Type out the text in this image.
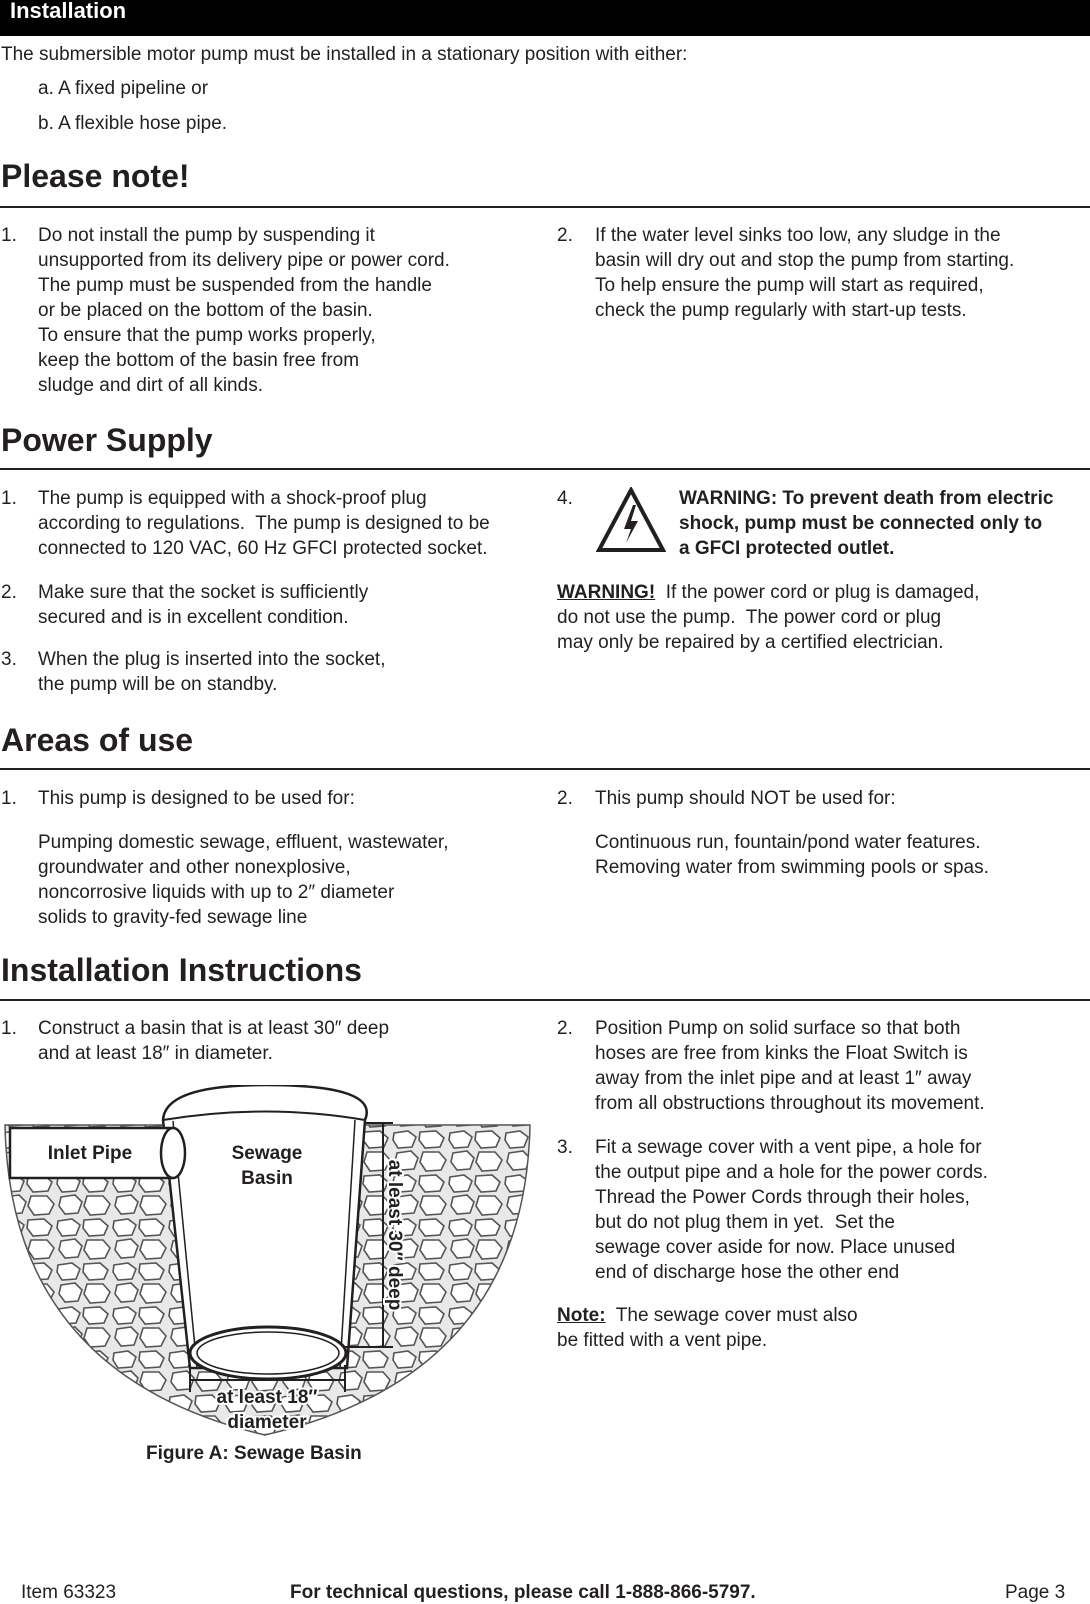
Installation
The submersible motor pump must be installed in a stationary position with either:
a. A fixed pipeline or
b. A flexible hose pipe.
Please note!
1. Do not install the pump by suspending it
unsupported from its delivery pipe or power cord.
The pump must be suspended from the handle
or be placed on the bottom of the basin.
To ensure that the pump works properly,
keep the bottom of the basin free from
sludge and dirt of all kinds.
2. If the water level sinks too low, any sludge in the
basin will dry out and stop the pump from starting.
To help ensure the pump will start as required,
check the pump regularly with start-up tests.
Power Supply
1. The pump is equipped with a shock-proof plug
according to regulations.  The pump is designed to be
connected to 120 VAC, 60 Hz GFCI protected socket.
2. Make sure that the socket is sufficiently
secured and is in excellent condition.
3. When the plug is inserted into the socket,
the pump will be on standby.
4.	WARNING: To prevent death from electric
shock, pump must be connected only to
a GFCI protected outlet.
WARNING!  If the power cord or plug is damaged,
do not use the pump.  The power cord or plug
may only be repaired by a certified electrician.
Areas of use
1. This pump is designed to be used for:
Pumping domestic sewage, effluent, wastewater,
groundwater and other nonexplosive,
noncorrosive liquids with up to 2″ diameter
solids to gravity-fed sewage line
2. This pump should NOT be used for:
Continuous run, fountain/pond water features.
Removing water from swimming pools or spas.
Installation Instructions
1. Construct a basin that is at least 30″ deep
and at least 18″ in diameter.
2. Position Pump on solid surface so that both
hoses are free from kinks the Float Switch is
away from the inlet pipe and at least 1″ away
from all obstructions throughout its movement.
3. Fit a sewage cover with a vent pipe, a hole for
the output pipe and a hole for the power cords.
Thread the Power Cords through their holes,
but do not plug them in yet.  Set the
sewage cover aside for now. Place unused
end of discharge hose the other end
Note:  The sewage cover must also
be fitted with a vent pipe.
Inlet Pipe	Sewage
Basin	at least 30″ deep
at least 18″
diameter
Figure A: Sewage Basin
Item 63323	For technical questions, please call 1-888-866-5797.	Page 3
